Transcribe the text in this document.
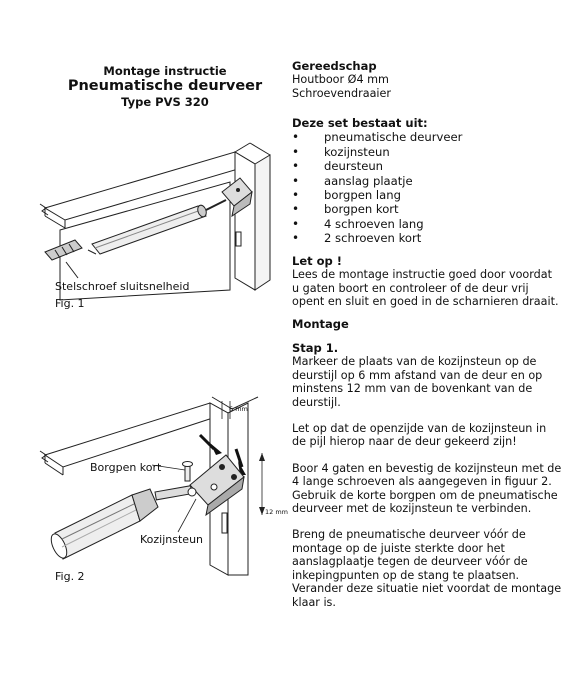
Montage instructie
Pneumatische deurveer
Type PVS 320
Stelschroef sluitsnelheid
Fig. 1
6 mm
12 mm
Borgpen kort
Kozijnsteun
Fig. 2
Gereedschap
Houtboor Ø4 mm
Schroevendraaier
Deze set bestaat uit:
• pneumatische deurveer
• kozijnsteun
• deursteun
• aanslag plaatje
• borgpen lang
• borgpen kort
• 4 schroeven lang
• 2 schroeven kort
Let op !

Lees de montage instructie goed door voordat u gaten boort en controleer of de deur vrij opent en sluit en goed in de scharnieren draait.

Montage
Stap 1.

Markeer de plaats van de kozijnsteun op de deurstijl op 6 mm afstand van de deur en op minstens 12 mm van de bovenkant van de deurstijl.

Let op dat de openzijde van de kozijnsteun in de pijl hierop naar de deur gekeerd zijn!

Boor 4 gaten en bevestig de kozijnsteun met de 4 lange schroeven als aangegeven in figuur 2. Gebruik de korte borgpen om de pneumatische deurveer met de kozijnsteun te verbinden.

Breng de pneumatische deurveer vóór de montage op de juiste sterkte door het aanslagplaatje tegen de deurveer vóór de inkepingpunten op de stang te plaatsen. Verander deze situatie niet voordat de montage klaar is.
